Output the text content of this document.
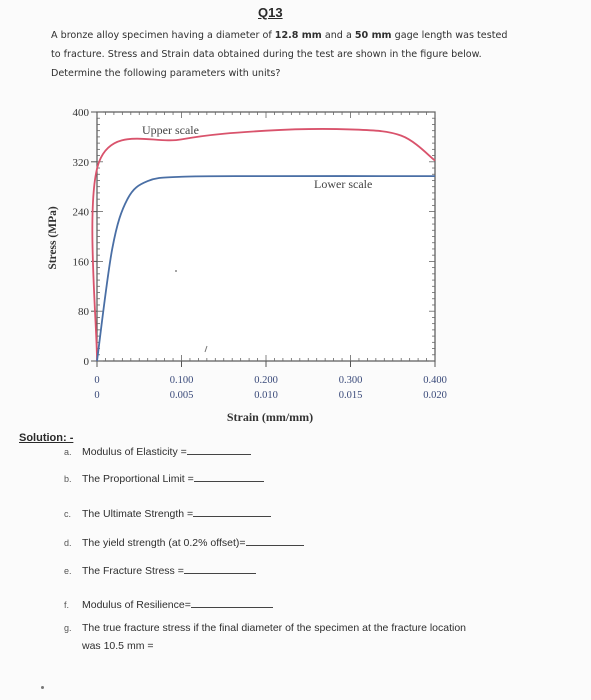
Q13
A bronze alloy specimen having a diameter of 12.8 mm and a 50 mm gage length was tested
to fracture. Stress and Strain data obtained during the test are shown in the figure below.
Determine the following parameters with units?
400
320
240
160
80
0
0
0
0.100
0.005
0.200
0.010
0.300
0.015
0.400
0.020
Upper scale
Lower scale
Stress (MPa)
Strain (mm/mm)
Solution: -
a. Modulus of Elasticity =
b. The Proportional Limit =
c. The Ultimate Strength =
d. The yield strength (at 0.2% offset)=
e. The Fracture Stress =
f. Modulus of Resilience=
g. The true fracture stress if the final diameter of the specimen at the fracture location
was 10.5 mm =
